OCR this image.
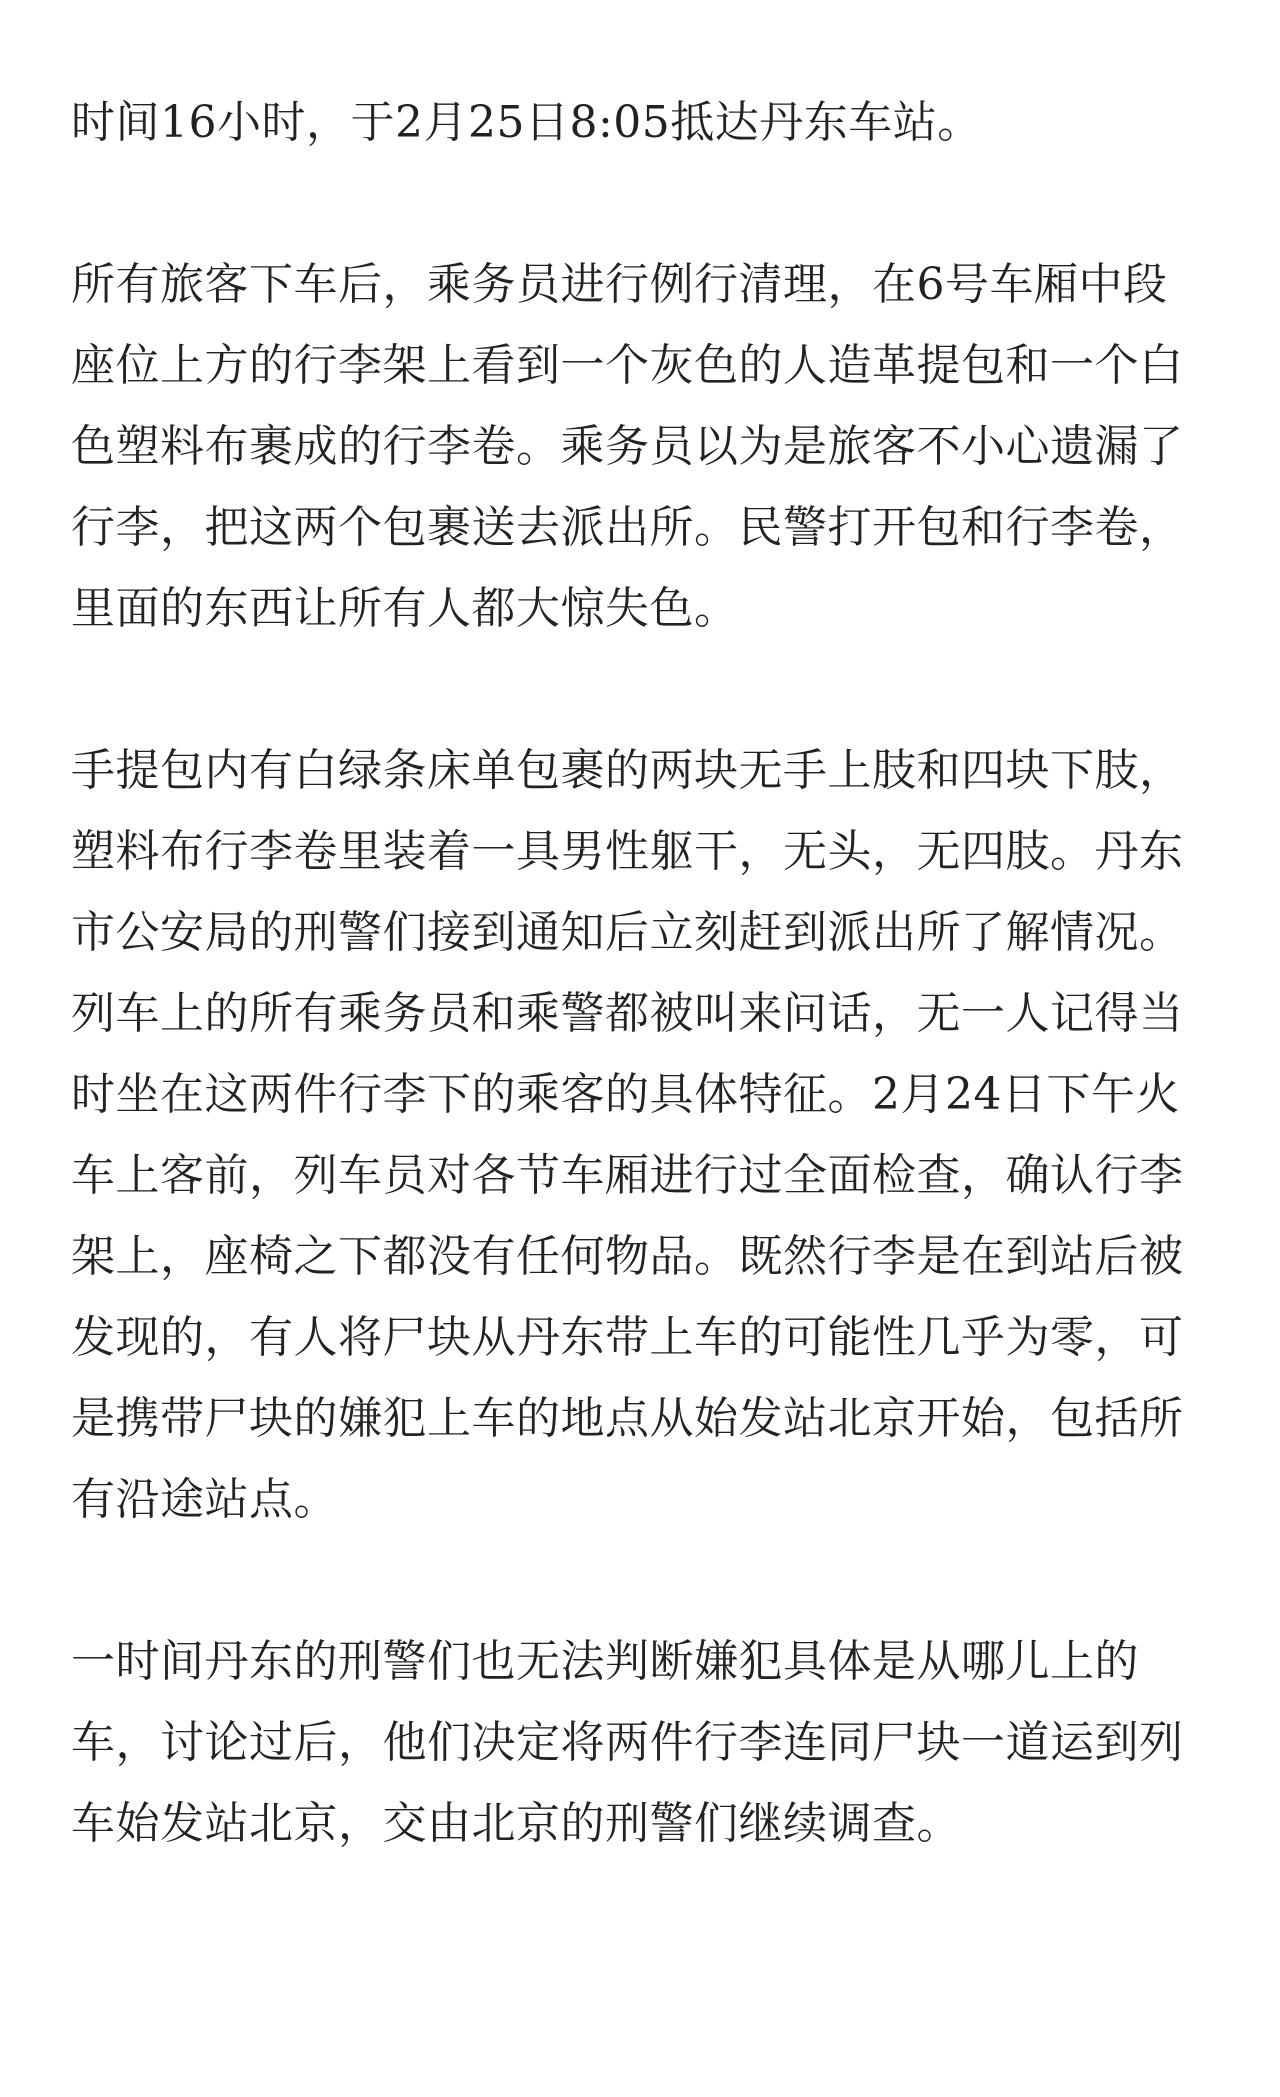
时间16小时，于2月25日8:05抵达丹东车站。

所有旅客下车后，乘务员进行例行清理，在6号车厢中段座位上方的行李架上看到一个灰色的人造革提包和一个白色塑料布裹成的行李卷。乘务员以为是旅客不小心遗漏了行李，把这两个包裹送去派出所。民警打开包和行李卷，里面的东西让所有人都大惊失色。

手提包内有白绿条床单包裹的两块无手上肢和四块下肢，塑料布行李卷里装着一具男性躯干，无头，无四肢。丹东市公安局的刑警们接到通知后立刻赶到派出所了解情况。列车上的所有乘务员和乘警都被叫来问话，无一人记得当时坐在这两件行李下的乘客的具体特征。2月24日下午火车上客前，列车员对各节车厢进行过全面检查，确认行李架上，座椅之下都没有任何物品。既然行李是在到站后被发现的，有人将尸块从丹东带上车的可能性几乎为零，可是携带尸块的嫌犯上车的地点从始发站北京开始，包括所有沿途站点。

一时间丹东的刑警们也无法判断嫌犯具体是从哪儿上的车，讨论过后，他们决定将两件行李连同尸块一道运到列车始发站北京，交由北京的刑警们继续调查。
